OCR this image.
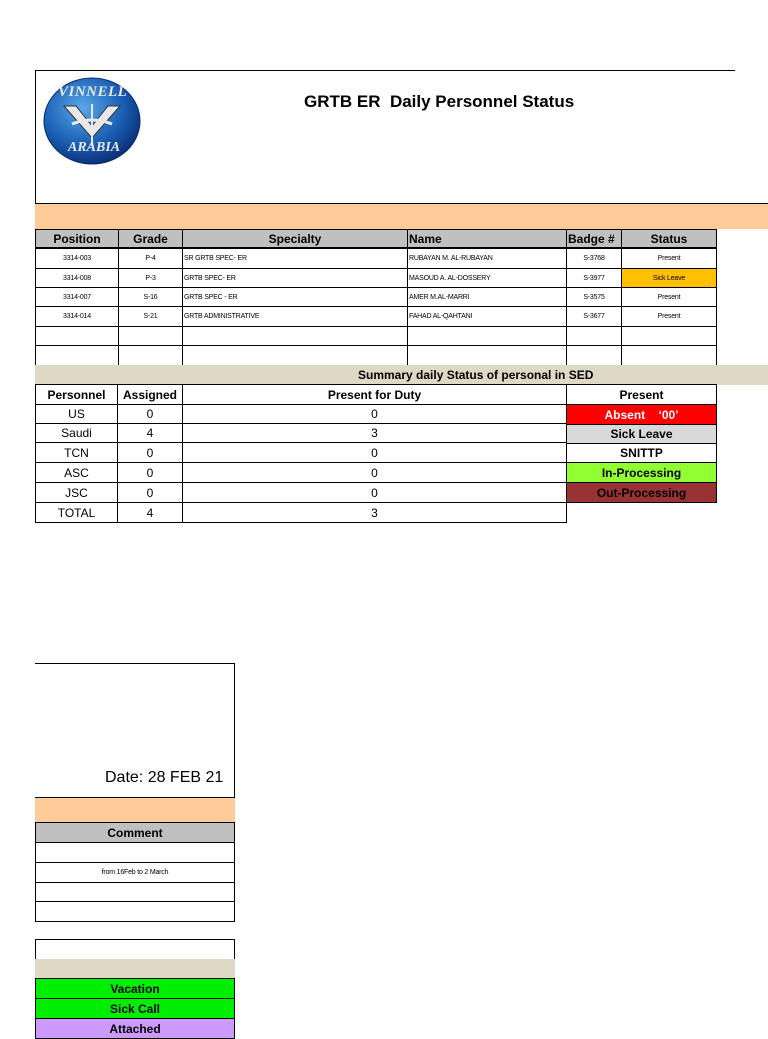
VINNELL
ARABIA
GRTB ER  Daily Personnel Status
Position	Grade	Specialty	Name	Badge #	Status
3314-003	P-4	SR GRTB SPEC- ER	RUBAYAN M. AL-RUBAYAN	S-3768	Present
3314-008	P-3	GRTB SPEC- ER	MASOUD A. AL-DOSSERY	S-3977	Sick Leave
3314-007	S-16	GRTB SPEC - ER	AMER M.AL-MARRI	S-3575	Present
3314-014	S-21	GRTB ADMINISTRATIVE	FAHAD AL-QAHTANI	S-3677	Present
Summary daily Status of personal in SED
Personnel	Assigned	Present for Duty
US	0	0
Saudi	4	3
TCN	0	0
ASC	0	0
JSC	0	0
TOTAL	4	3
Present
Absent    ‘00’
Sick Leave
SNITTP
In-Processing
Out-Processing
Date: 28 FEB 21
Comment
from 16Feb to 2 March
Vacation
Sick Call
Attached
